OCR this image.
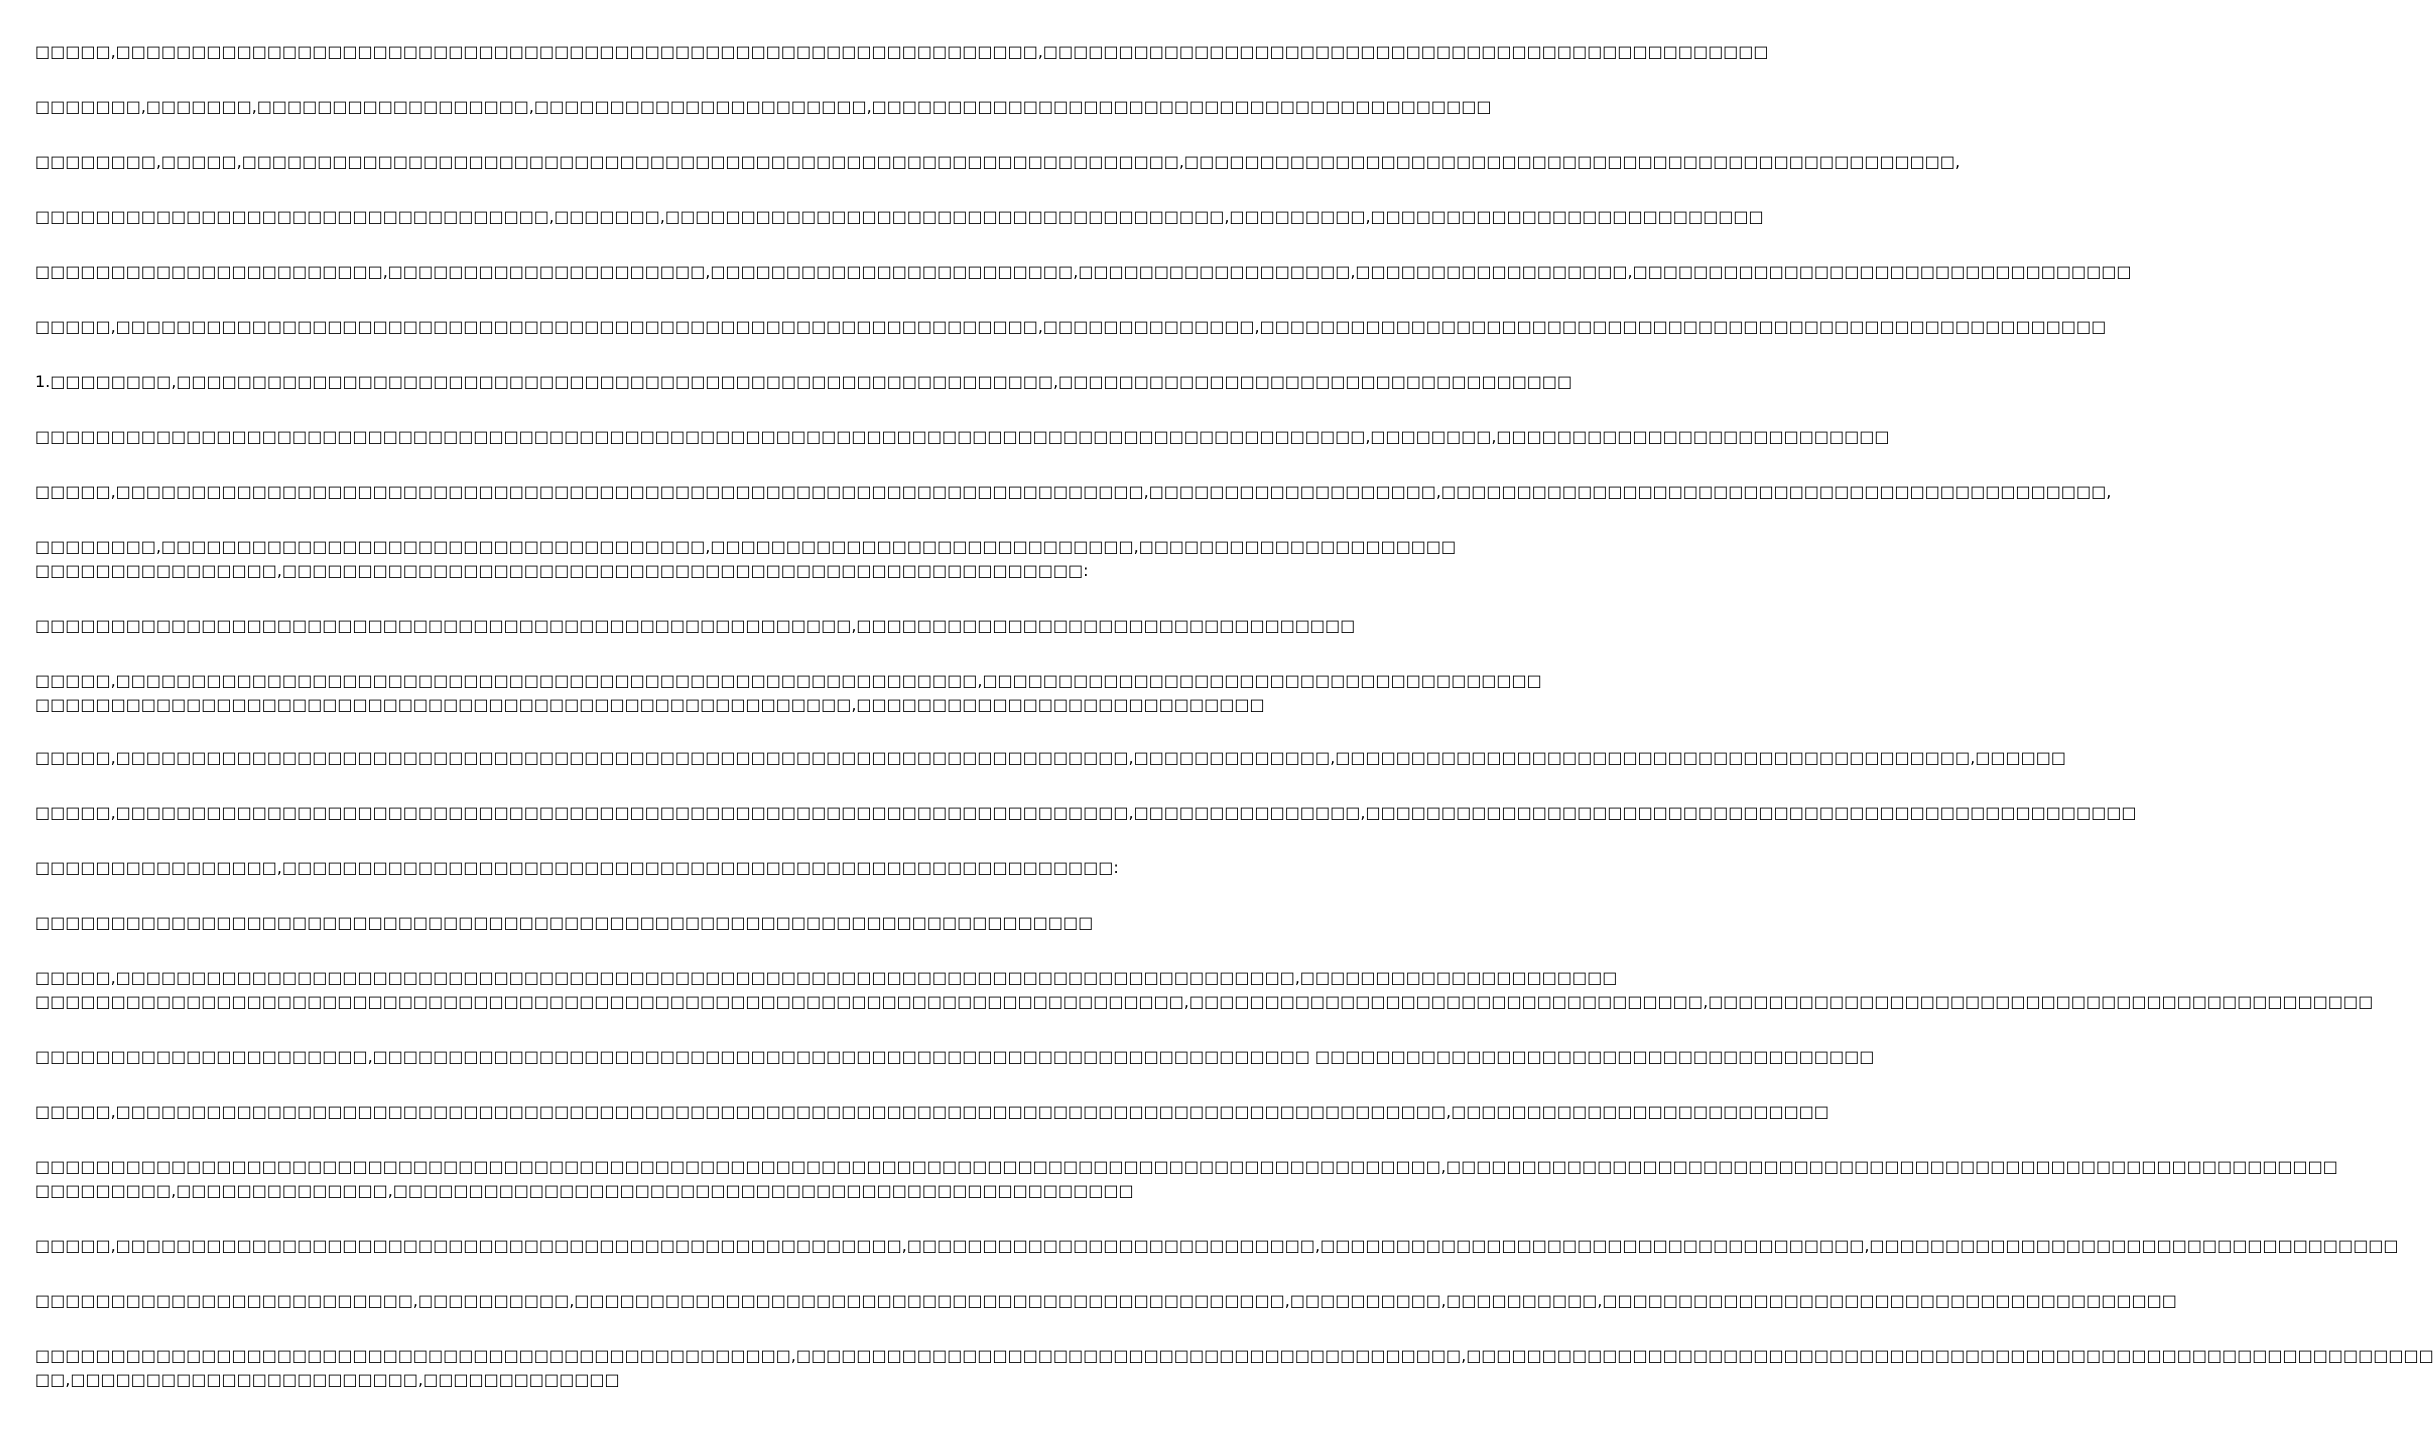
□□□□□,□□□□□□□□□□□□□□□□□□□□□□□□□□□□□□□□□□□□□□□□□□□□□□□□□□□□□□□□□□□□□,□□□□□□□□□□□□□□□□□□□□□□□□□□□□□□□□□□□□□□□□□□□□□□□□
□□□□□□□,□□□□□□□,□□□□□□□□□□□□□□□□□□,□□□□□□□□□□□□□□□□□□□□□□,□□□□□□□□□□□□□□□□□□□□□□□□□□□□□□□□□□□□□□□□□
□□□□□□□□,□□□□□,□□□□□□□□□□□□□□□□□□□□□□□□□□□□□□□□□□□□□□□□□□□□□□□□□□□□□□□□□□□□□□,□□□□□□□□□□□□□□□□□□□□□□□□□□□□□□□□□□□□□□□□□□□□□□□□□□□,
□□□□□□□□□□□□□□□□□□□□□□□□□□□□□□□□□□,□□□□□□□,□□□□□□□□□□□□□□□□□□□□□□□□□□□□□□□□□□□□□,□□□□□□□□□,□□□□□□□□□□□□□□□□□□□□□□□□□□
□□□□□□□□□□□□□□□□□□□□□□□,□□□□□□□□□□□□□□□□□□□□□,□□□□□□□□□□□□□□□□□□□□□□□□,□□□□□□□□□□□□□□□□□□,□□□□□□□□□□□□□□□□□□,□□□□□□□□□□□□□□□□□□□□□□□□□□□□□□□□□
□□□□□,□□□□□□□□□□□□□□□□□□□□□□□□□□□□□□□□□□□□□□□□□□□□□□□□□□□□□□□□□□□□□,□□□□□□□□□□□□□□,□□□□□□□□□□□□□□□□□□□□□□□□□□□□□□□□□□□□□□□□□□□□□□□□□□□□□□□□
1.□□□□□□□□,□□□□□□□□□□□□□□□□□□□□□□□□□□□□□□□□□□□□□□□□□□□□□□□□□□□□□□□□□□,□□□□□□□□□□□□□□□□□□□□□□□□□□□□□□□□□□
□□□□□□□□□□□□□□□□□□□□□□□□□□□□□□□□□□□□□□□□□□□□□□□□□□□□□□□□□□□□□□□□□□□□□□□□□□□□□□□□□□□□□□□□,□□□□□□□□,□□□□□□□□□□□□□□□□□□□□□□□□□□
□□□□□,□□□□□□□□□□□□□□□□□□□□□□□□□□□□□□□□□□□□□□□□□□□□□□□□□□□□□□□□□□□□□□□□□□□□,□□□□□□□□□□□□□□□□□□□,□□□□□□□□□□□□□□□□□□□□□□□□□□□□□□□□□□□□□□□□□□□□,
□□□□□□□□,□□□□□□□□□□□□□□□□□□□□□□□□□□□□□□□□□□□□,□□□□□□□□□□□□□□□□□□□□□□□□□□□□,□□□□□□□□□□□□□□□□□□□□□
□□□□□□□□□□□□□□□□,□□□□□□□□□□□□□□□□□□□□□□□□□□□□□□□□□□□□□□□□□□□□□□□□□□□□□:
□□□□□□□□□□□□□□□□□□□□□□□□□□□□□□□□□□□□□□□□□□□□□□□□□□□□□□,□□□□□□□□□□□□□□□□□□□□□□□□□□□□□□□□□
□□□□□,□□□□□□□□□□□□□□□□□□□□□□□□□□□□□□□□□□□□□□□□□□□□□□□□□□□□□□□□□,□□□□□□□□□□□□□□□□□□□□□□□□□□□□□□□□□□□□□
□□□□□□□□□□□□□□□□□□□□□□□□□□□□□□□□□□□□□□□□□□□□□□□□□□□□□□,□□□□□□□□□□□□□□□□□□□□□□□□□□□
□□□□□,□□□□□□□□□□□□□□□□□□□□□□□□□□□□□□□□□□□□□□□□□□□□□□□□□□□□□□□□□□□□□□□□□□□,□□□□□□□□□□□□□,□□□□□□□□□□□□□□□□□□□□□□□□□□□□□□□□□□□□□□□□□□,□□□□□□
□□□□□,□□□□□□□□□□□□□□□□□□□□□□□□□□□□□□□□□□□□□□□□□□□□□□□□□□□□□□□□□□□□□□□□□□□,□□□□□□□□□□□□□□□,□□□□□□□□□□□□□□□□□□□□□□□□□□□□□□□□□□□□□□□□□□□□□□□□□□□
□□□□□□□□□□□□□□□□,□□□□□□□□□□□□□□□□□□□□□□□□□□□□□□□□□□□□□□□□□□□□□□□□□□□□□□□:
□□□□□□□□□□□□□□□□□□□□□□□□□□□□□□□□□□□□□□□□□□□□□□□□□□□□□□□□□□□□□□□□□□□□□□
□□□□□,□□□□□□□□□□□□□□□□□□□□□□□□□□□□□□□□□□□□□□□□□□□□□□□□□□□□□□□□□□□□□□□□□□□□□□□□□□□□□□,□□□□□□□□□□□□□□□□□□□□□
□□□□□□□□□□□□□□□□□□□□□□□□□□□□□□□□□□□□□□□□□□□□□□□□□□□□□□□□□□□□□□□□□□□□□□□□□□□□,□□□□□□□□□□□□□□□□□□□□□□□□□□□□□□□□□□,□□□□□□□□□□□□□□□□□□□□□□□□□□□□□□□□□□□□□□□□□□□□
□□□□□□□□□□□□□□□□□□□□□□,□□□□□□□□□□□□□□□□□□□□□□□□□□□□□□□□□□□□□□□□□□□□□□□□□□□□□□□□□□□□□□ □□□□□□□□□□□□□□□□□□□□□□□□□□□□□□□□□□□□□
□□□□□,□□□□□□□□□□□□□□□□□□□□□□□□□□□□□□□□□□□□□□□□□□□□□□□□□□□□□□□□□□□□□□□□□□□□□□□□□□□□□□□□□□□□□□□□,□□□□□□□□□□□□□□□□□□□□□□□□□
□□□□□□□□□□□□□□□□□□□□□□□□□□□□□□□□□□□□□□□□□□□□□□□□□□□□□□□□□□□□□□□□□□□□□□□□□□□□□□□□□□□□□□□□□□□□□,□□□□□□□□□□□□□□□□□□□□□□□□□□□□□□□□□□□□□□□□□□□□□□□□□□□□□□□□□□□
□□□□□□□□□,□□□□□□□□□□□□□□,□□□□□□□□□□□□□□□□□□□□□□□□□□□□□□□□□□□□□□□□□□□□□□□□□
□□□□□,□□□□□□□□□□□□□□□□□□□□□□□□□□□□□□□□□□□□□□□□□□□□□□□□□□□□,□□□□□□□□□□□□□□□□□□□□□□□□□□□,□□□□□□□□□□□□□□□□□□□□□□□□□□□□□□□□□□□□,□□□□□□□□□□□□□□□□□□□□□□□□□□□□□□□□□□□
□□□□□□□□□□□□□□□□□□□□□□□□□,□□□□□□□□□□,□□□□□□□□□□□□□□□□□□□□□□□□□□□□□□□□□□□□□□□□□□□□□□□,□□□□□□□□□□,□□□□□□□□□□,□□□□□□□□□□□□□□□□□□□□□□□□□□□□□□□□□□□□□□
□□□□□□□□□□□□□□□□□□□□□□□□□□□□□□□□□□□□□□□□□□□□□□□□□□,□□□□□□□□□□□□□□□□□□□□□□□□□□□□□□□□□□□□□□□□□□□□,□□□□□□□□□□□□□□□□□□□□□□□□□□□□□□□□□□□□□□□□□□□□□□□□□□□□□□□□□□□□□□□□
□□,□□□□□□□□□□□□□□□□□□□□□□□,□□□□□□□□□□□□□
